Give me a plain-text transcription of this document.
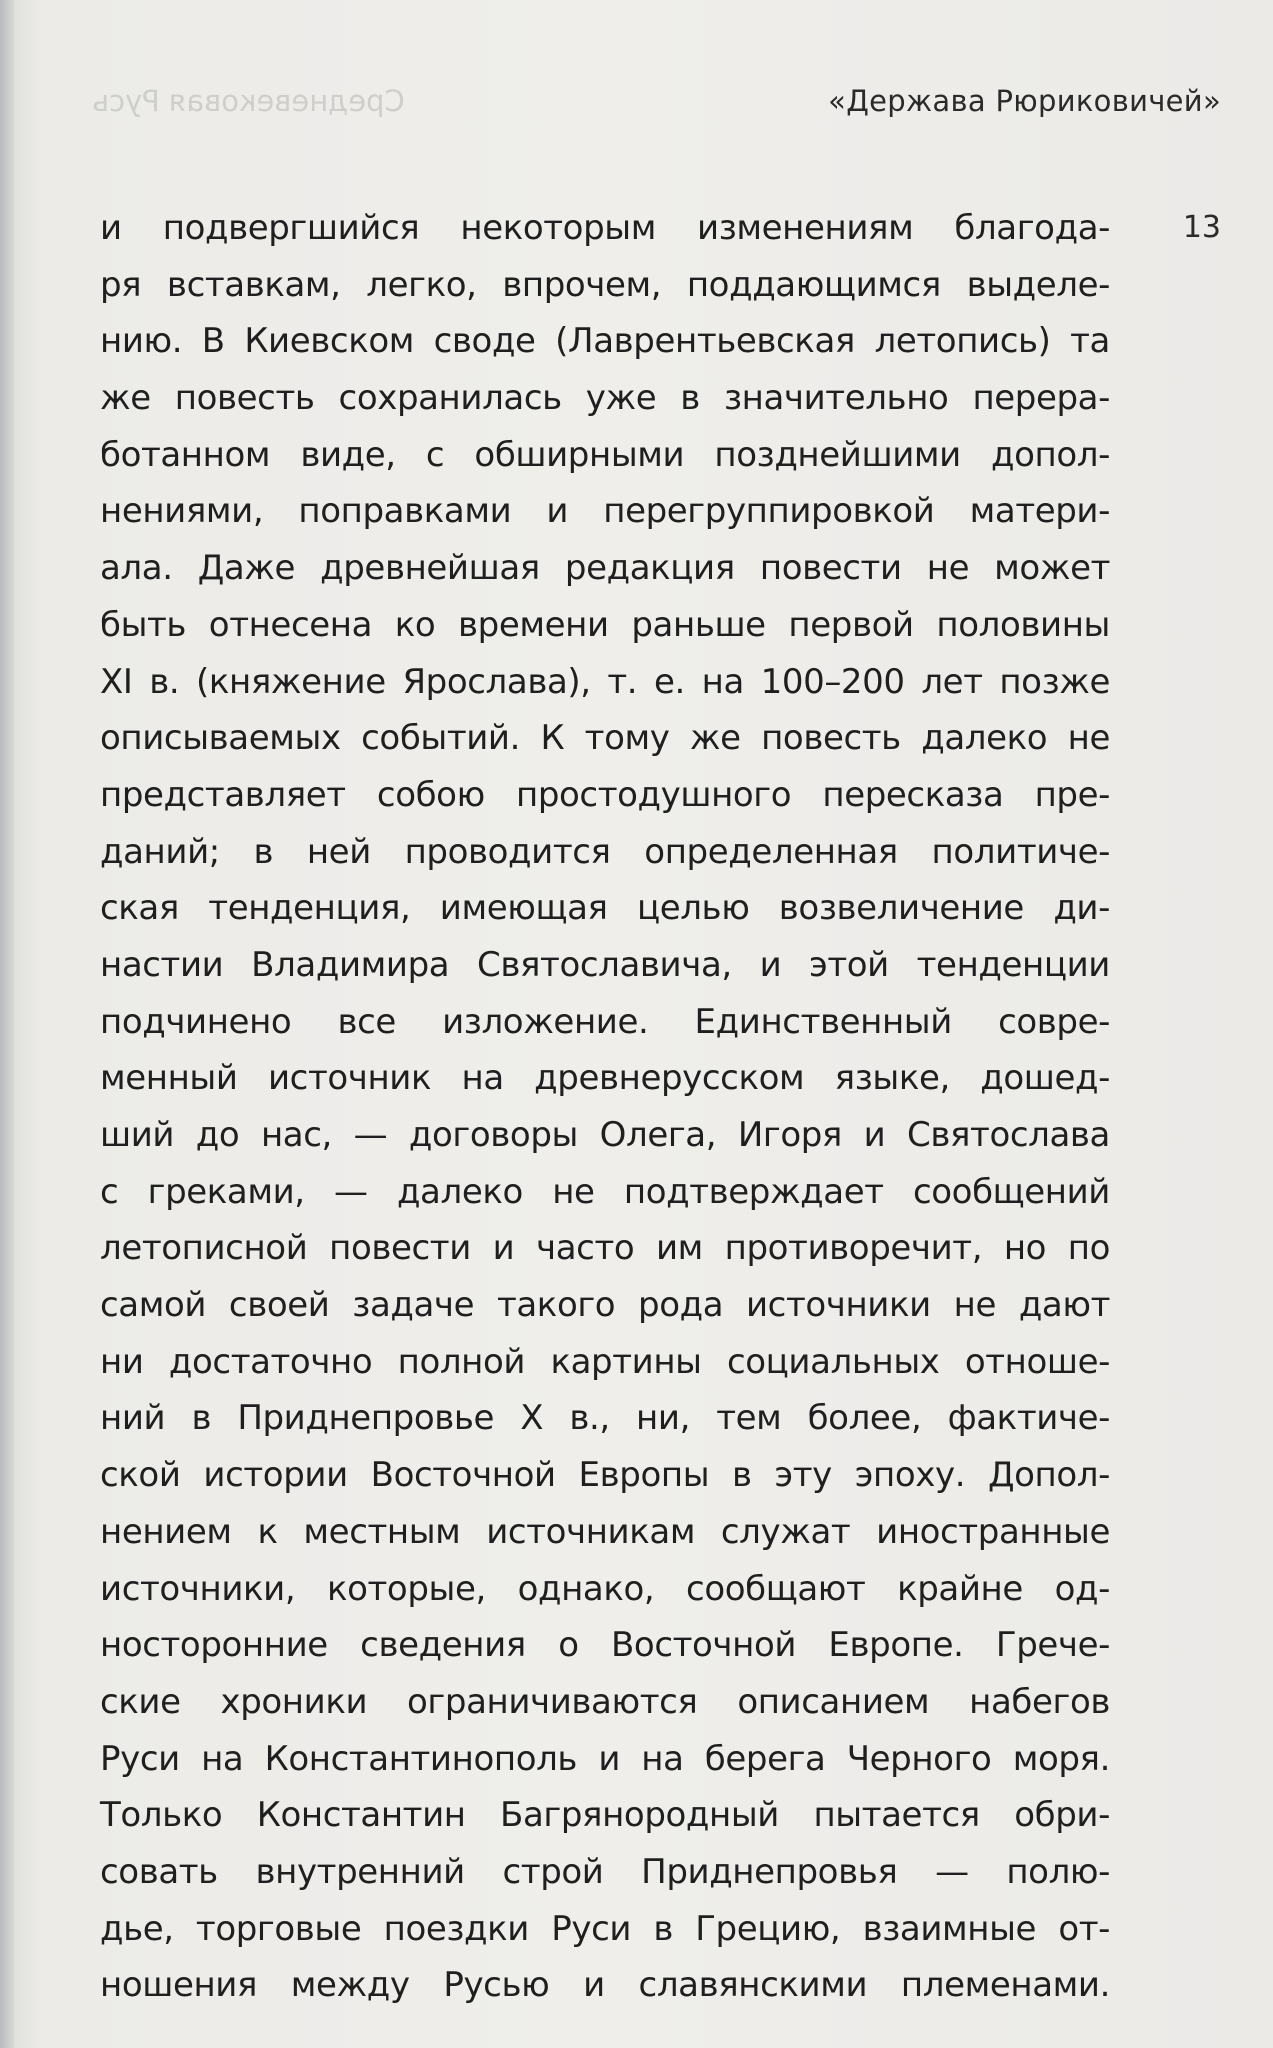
Средневековая Русь	«Держава Рюриковичей»
13
и подвергшийся некоторым изменениям благода-
ря вставкам, легко, впрочем, поддающимся выделе-
нию. В Киевском своде (Лаврентьевская летопись) та
же повесть сохранилась уже в значительно перера-
ботанном виде, с обширными позднейшими допол-
нениями, поправками и перегруппировкой матери-
ала. Даже древнейшая редакция повести не может
быть отнесена ко времени раньше первой половины
XI в. (княжение Ярослава), т. е. на 100–200 лет позже
описываемых событий. К тому же повесть далеко не
представляет собою простодушного пересказа пре-
даний; в ней проводится определенная политиче-
ская тенденция, имеющая целью возвеличение ди-
настии Владимира Святославича, и этой тенденции
подчинено все изложение. Единственный совре-
менный источник на древнерусском языке, дошед-
ший до нас, — договоры Олега, Игоря и Святослава
с греками, — далеко не подтверждает сообщений
летописной повести и часто им противоречит, но по
самой своей задаче такого рода источники не дают
ни достаточно полной картины социальных отноше-
ний в Приднепровье X в., ни, тем более, фактиче-
ской истории Восточной Европы в эту эпоху. Допол-
нением к местным источникам служат иностранные
источники, которые, однако, сообщают крайне од-
носторонние сведения о Восточной Европе. Грече-
ские хроники ограничиваются описанием набегов
Руси на Константинополь и на берега Черного моря.
Только Константин Багрянородный пытается обри-
совать внутренний строй Приднепровья — полю-
дье, торговые поездки Руси в Грецию, взаимные от-
ношения между Русью и славянскими племенами.
